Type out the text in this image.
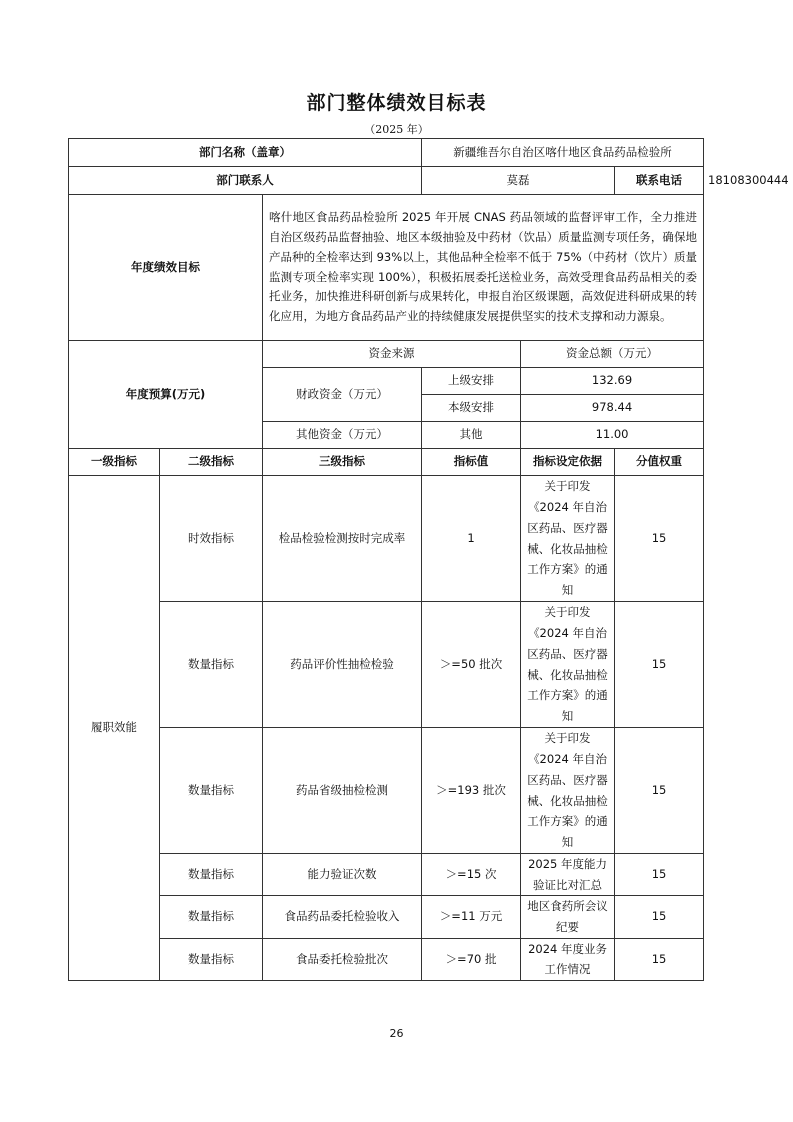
部门整体绩效目标表
（2025 年）
部门名称（盖章）			新疆维吾尔自治区喀什地区食品药品检验所			
部门联系人			莫磊		联系电话	18108300444
年度绩效目标		喀什地区食品药品检验所 2025 年开展 CNAS 药品领域的监督评审工作，全力推进自治区级药品监督抽验、地区本级抽验及中药材（饮品）质量监测专项任务，确保地产品种的全检率达到 93%以上，其他品种全检率不低于 75%（中药材（饮片）质量监测专项全检率实现 100%），积极拓展委托送检业务，高效受理食品药品相关的委托业务，加快推进科研创新与成果转化，申报自治区级课题，高效促进科研成果的转化应用，为地方食品药品产业的持续健康发展提供坚实的技术支撑和动力源泉。				
年度预算(万元)		资金来源		资金总额（万元）		
		财政资金（万元）	上级安排	132.69		
			本级安排	978.44		
		其他资金（万元）	其他	11.00		
一级指标	二级指标	三级指标	指标值	指标设定依据	分值权重	
履职效能	时效指标	检品检验检测按时完成率	1	关于印发《2024 年自治区药品、医疗器械、化妆品抽检工作方案》的通知	15	
	数量指标	药品评价性抽检检验	＞=50 批次	关于印发《2024 年自治区药品、医疗器械、化妆品抽检工作方案》的通知	15	
	数量指标	药品省级抽检检测	＞=193 批次	关于印发《2024 年自治区药品、医疗器械、化妆品抽检工作方案》的通知	15	
	数量指标	能力验证次数	＞=15 次	2025 年度能力验证比对汇总	15	
	数量指标	食品药品委托检验收入	＞=11 万元	地区食药所会议纪要	15	
	数量指标	食品委托检验批次	＞=70 批	2024 年度业务工作情况	15	
26
